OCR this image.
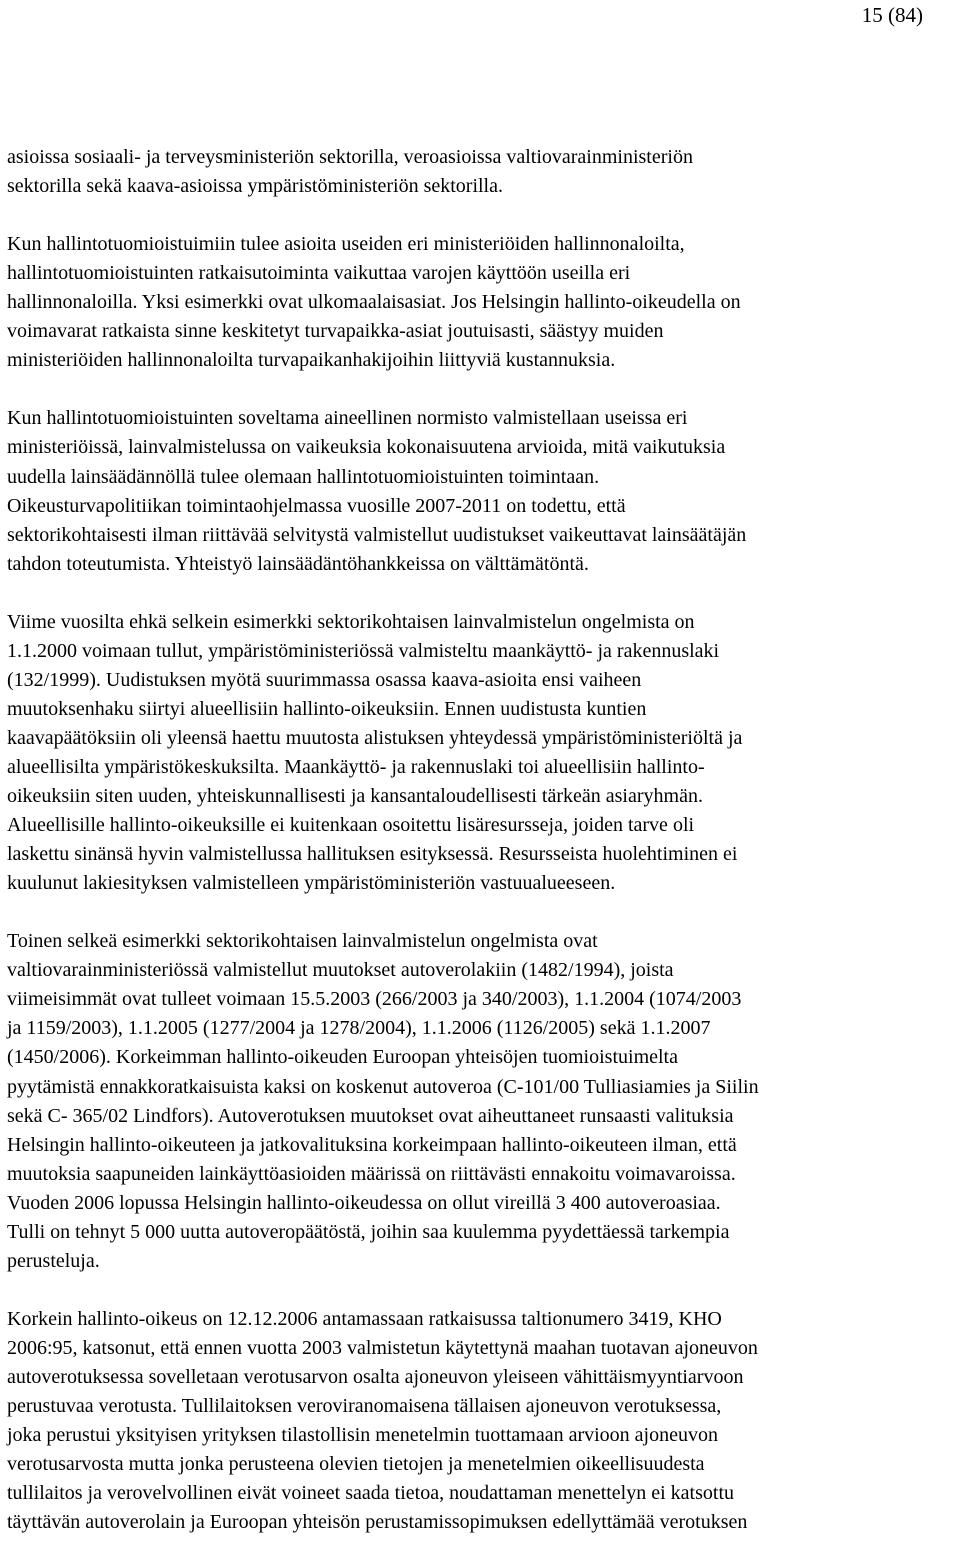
15 (84)
asioissa sosiaali- ja terveysministeriön sektorilla, veroasioissa valtiovarainministeriön
sektorilla sekä kaava-asioissa ympäristöministeriön sektorilla.
Kun hallintotuomioistuimiin tulee asioita useiden eri ministeriöiden hallinnonaloilta,
hallintotuomioistuinten ratkaisutoiminta vaikuttaa varojen käyttöön useilla eri
hallinnonaloilla. Yksi esimerkki ovat ulkomaalaisasiat. Jos Helsingin hallinto-oikeudella on
voimavarat ratkaista sinne keskitetyt turvapaikka-asiat joutuisasti, säästyy muiden
ministeriöiden hallinnonaloilta turvapaikanhakijoihin liittyviä kustannuksia.
Kun hallintotuomioistuinten soveltama aineellinen normisto valmistellaan useissa eri
ministeriöissä, lainvalmistelussa on vaikeuksia kokonaisuutena arvioida, mitä vaikutuksia
uudella lainsäädännöllä tulee olemaan hallintotuomioistuinten toimintaan.
Oikeusturvapolitiikan toimintaohjelmassa vuosille 2007-2011 on todettu, että
sektorikohtaisesti ilman riittävää selvitystä valmistellut uudistukset vaikeuttavat lainsäätäjän
tahdon toteutumista. Yhteistyö lainsäädäntöhankkeissa on välttämätöntä.
Viime vuosilta ehkä selkein esimerkki sektorikohtaisen lainvalmistelun ongelmista on
1.1.2000 voimaan tullut, ympäristöministeriössä valmisteltu maankäyttö- ja rakennuslaki
(132/1999). Uudistuksen myötä suurimmassa osassa kaava-asioita ensi vaiheen
muutoksenhaku siirtyi alueellisiin hallinto-oikeuksiin. Ennen uudistusta kuntien
kaavapäätöksiin oli yleensä haettu muutosta alistuksen yhteydessä ympäristöministeriöltä ja
alueellisilta ympäristökeskuksilta. Maankäyttö- ja rakennuslaki toi alueellisiin hallinto-
oikeuksiin siten uuden, yhteiskunnallisesti ja kansantaloudellisesti tärkeän asiaryhmän.
Alueellisille hallinto-oikeuksille ei kuitenkaan osoitettu lisäresursseja, joiden tarve oli
laskettu sinänsä hyvin valmistellussa hallituksen esityksessä. Resursseista huolehtiminen ei
kuulunut lakiesityksen valmistelleen ympäristöministeriön vastuualueeseen.
Toinen selkeä esimerkki sektorikohtaisen lainvalmistelun ongelmista ovat
valtiovarainministeriössä valmistellut muutokset autoverolakiin (1482/1994), joista
viimeisimmät ovat tulleet voimaan 15.5.2003 (266/2003 ja 340/2003), 1.1.2004 (1074/2003
ja 1159/2003), 1.1.2005 (1277/2004 ja 1278/2004), 1.1.2006 (1126/2005) sekä 1.1.2007
(1450/2006). Korkeimman hallinto-oikeuden Euroopan yhteisöjen tuomioistuimelta
pyytämistä ennakkoratkaisuista kaksi on koskenut autoveroa (C-101/00 Tulliasiamies ja Siilin
sekä C- 365/02 Lindfors). Autoverotuksen muutokset ovat aiheuttaneet runsaasti valituksia
Helsingin hallinto-oikeuteen ja jatkovalituksina korkeimpaan hallinto-oikeuteen ilman, että
muutoksia saapuneiden lainkäyttöasioiden määrissä on riittävästi ennakoitu voimavaroissa.
Vuoden 2006 lopussa Helsingin hallinto-oikeudessa on ollut vireillä 3 400 autoveroasiaa.
Tulli on tehnyt 5 000 uutta autoveropäätöstä, joihin saa kuulemma pyydettäessä tarkempia
perusteluja.
Korkein hallinto-oikeus on 12.12.2006 antamassaan ratkaisussa taltionumero 3419, KHO
2006:95, katsonut, että ennen vuotta 2003 valmistetun käytettynä maahan tuotavan ajoneuvon
autoverotuksessa sovelletaan verotusarvon osalta ajoneuvon yleiseen vähittäismyyntiarvoon
perustuvaa verotusta. Tullilaitoksen veroviranomaisena tällaisen ajoneuvon verotuksessa,
joka perustui yksityisen yrityksen tilastollisin menetelmin tuottamaan arvioon ajoneuvon
verotusarvosta mutta jonka perusteena olevien tietojen ja menetelmien oikeellisuudesta
tullilaitos ja verovelvollinen eivät voineet saada tietoa, noudattaman menettelyn ei katsottu
täyttävän autoverolain ja Euroopan yhteisön perustamissopimuksen edellyttämää verotuksen
